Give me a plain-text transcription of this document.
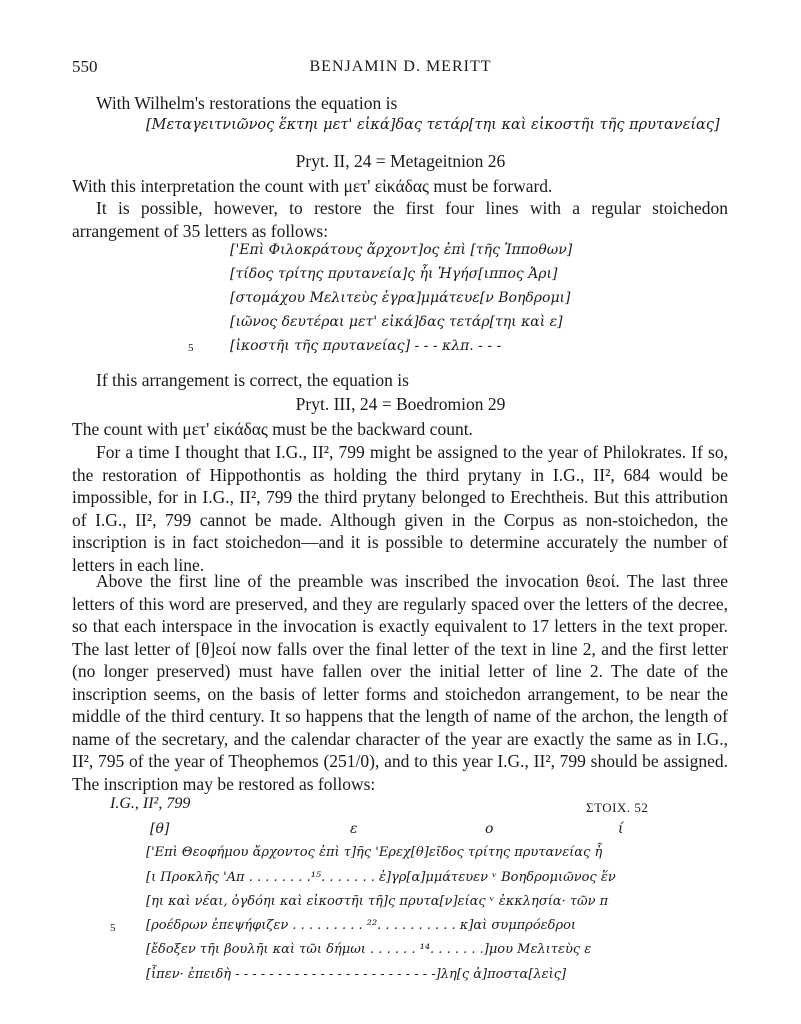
550	BENJAMIN D. MERITT
With Wilhelm's restorations the equation is
[Μεταγειτνιῶνος ἕκτηι μετ' εἰκά]δας τετάρ[τηι καὶ εἰκοστῆι τῆς πρυτανείας]
Pryt. II, 24 = Metageitnion 26
With this interpretation the count with μετ' εἰκάδας must be forward.
It is possible, however, to restore the first four lines with a regular stoichedon arrangement of 35 letters as follows:
['Επὶ Φιλοκράτους ἄρχοντ]ος ἐπὶ [τῆς Ἱπποθων]
[τίδος τρίτης πρυτανεία]ς ἧι Ἡγήσ[ιππος Ἀρι]
[στομάχου Μελιτεὺς ἐγρα]μμάτευε[ν Βοηδρομι]
[ιῶνος δευτέραι μετ' εἰκά]δας τετάρ[τηι καὶ ε]
5	[ἰκοστῆι τῆς πρυτανείας] - - - κλπ. - - -
If this arrangement is correct, the equation is
Pryt. III, 24 = Boedromion 29
The count with μετ' εἰκάδας must be the backward count.
For a time I thought that I.G., II², 799 might be assigned to the year of Philokrates. If so, the restoration of Hippothontis as holding the third prytany in I.G., II², 684 would be impossible, for in I.G., II², 799 the third prytany belonged to Erechtheis. But this attribution of I.G., II², 799 cannot be made. Although given in the Corpus as non-stoichedon, the inscription is in fact stoichedon—and it is possible to determine accurately the number of letters in each line.
Above the first line of the preamble was inscribed the invocation θεοί. The last three letters of this word are preserved, and they are regularly spaced over the letters of the decree, so that each interspace in the invocation is exactly equivalent to 17 letters in the text proper. The last letter of [θ]εοί now falls over the final letter of the text in line 2, and the first letter (no longer preserved) must have fallen over the initial letter of line 2. The date of the inscription seems, on the basis of letter forms and stoichedon arrangement, to be near the middle of the third century. It so happens that the length of name of the archon, the length of name of the secretary, and the calendar character of the year are exactly the same as in I.G., II², 795 of the year of Theophemos (251/0), and to this year I.G., II², 799 should be assigned. The inscription may be restored as follows:
I.G., II², 799	ΣΤΟΙΧ. 52
[θ]	ε	ο	ί
['Επὶ Θεοφήμου ἄρχοντος ἐπὶ τ]ῆς 'Ερεχ[θ]εῖδος τρίτης πρυτανείας ἧ
[ι Προκλῆς 'Απ . . . . . . . .¹⁵. . . . . . . ἐ]γρ[α]μμάτευεν ᵛ Βοηδρομιῶνος ἕν
[ηι καὶ νέαι, ὀγδόηι καὶ εἰκοστῆι τῆ]ς πρυτα[ν]είας ᵛ ἐκκλησία· τῶν π
5 [ροέδρων ἐπεψήφιζεν . . . . . . . . . ²². . . . . . . . . . κ]αὶ συμπρόεδροι
[ἔδοξεν τῆι βουλῆι καὶ τῶι δήμωι . . . . . . ¹⁴. . . . . . .]μου Μελιτεὺς ε
[ἶπεν· ἐπειδὴ - - - - - - - - - - - - - - - - - - - - - - - -]λη[ς ἀ]ποστα[λεὶς]
